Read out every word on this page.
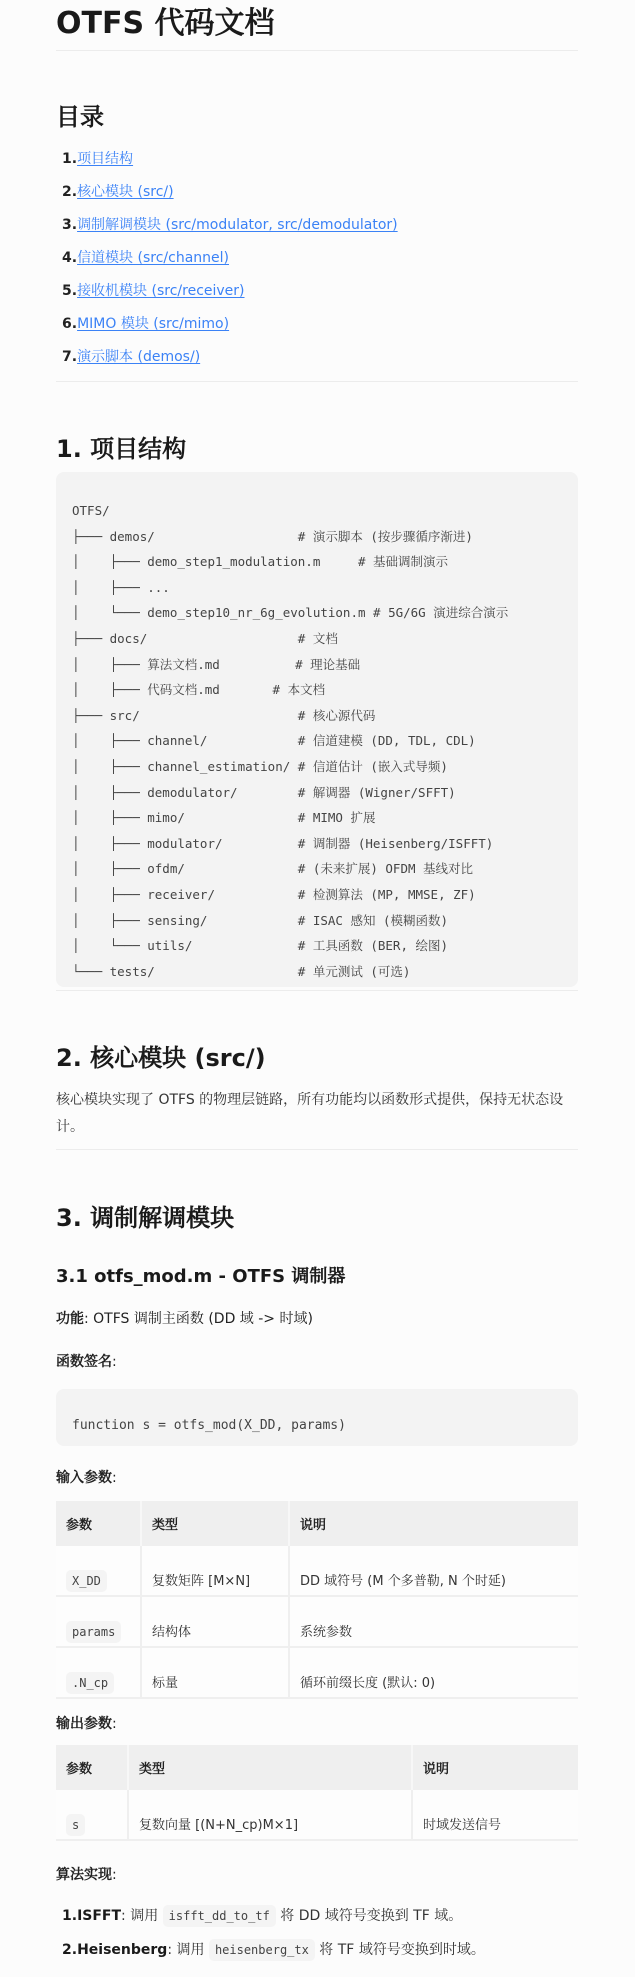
OTFS 代码文档
目录
1.项目结构
2.核心模块 (src/)
3.调制解调模块 (src/modulator, src/demodulator)
4.信道模块 (src/channel)
5.接收机模块 (src/receiver)
6.MIMO 模块 (src/mimo)
7.演示脚本 (demos/)
1. 项目结构
OTFS/
├─── demos/                   # 演示脚本 (按步骤循序渐进)
│    ├─── demo_step1_modulation.m     # 基础调制演示
│    ├─── ...
│    └─── demo_step10_nr_6g_evolution.m # 5G/6G 演进综合演示
├─── docs/                    # 文档
│    ├─── 算法文档.md          # 理论基础
│    ├─── 代码文档.md       # 本文档
├─── src/                     # 核心源代码
│    ├─── channel/            # 信道建模 (DD, TDL, CDL)
│    ├─── channel_estimation/ # 信道估计 (嵌入式导频)
│    ├─── demodulator/        # 解调器 (Wigner/SFFT)
│    ├─── mimo/               # MIMO 扩展
│    ├─── modulator/          # 调制器 (Heisenberg/ISFFT)
│    ├─── ofdm/               # (未来扩展) OFDM 基线对比
│    ├─── receiver/           # 检测算法 (MP, MMSE, ZF)
│    ├─── sensing/            # ISAC 感知 (模糊函数)
│    └─── utils/              # 工具函数 (BER, 绘图)
└─── tests/                   # 单元测试 (可选)
2. 核心模块 (src/)

核心模块实现了 OTFS 的物理层链路，所有功能均以函数形式提供，保持无状态设计。

3. 调制解调模块
3.1 otfs_mod.m - OTFS 调制器
功能: OTFS 调制主函数 (DD 域 -> 时域)
函数签名:
function s = otfs_mod(X_DD, params)
输入参数:
参数	类型	说明
X_DD	复数矩阵 [M×N]	DD 域符号 (M 个多普勒, N 个时延)
params	结构体	系统参数
.N_cp	标量	循环前缀长度 (默认: 0)
输出参数:
参数	类型	说明
s	复数向量 [(N+N_cp)M×1]	时域发送信号
算法实现:
1.ISFFT: 调用 isfft_dd_to_tf 将 DD 域符号变换到 TF 域。
2.Heisenberg: 调用 heisenberg_tx 将 TF 域符号变换到时域。
